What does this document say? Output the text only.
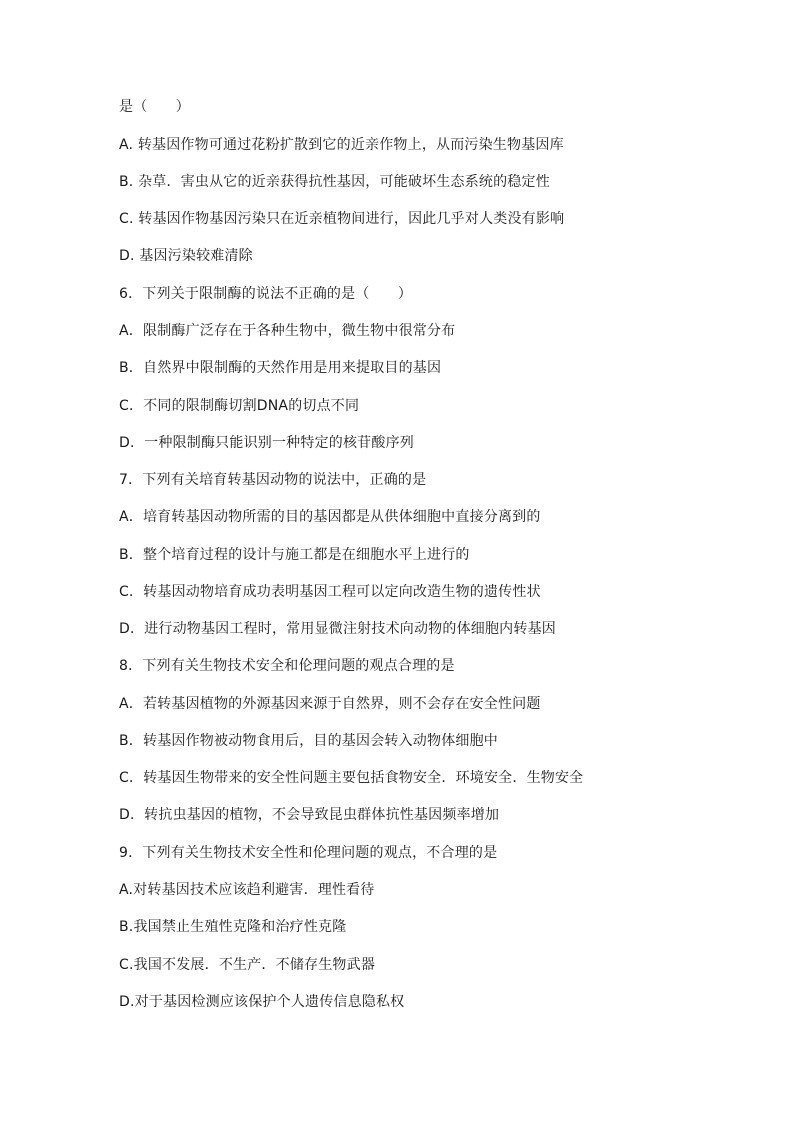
是（　　）
A. 转基因作物可通过花粉扩散到它的近亲作物上，从而污染生物基因库
B. 杂草．害虫从它的近亲获得抗性基因，可能破坏生态系统的稳定性
C. 转基因作物基因污染只在近亲植物间进行，因此几乎对人类没有影响
D. 基因污染较难清除
6．下列关于限制酶的说法不正确的是（　　）
A．限制酶广泛存在于各种生物中，微生物中很常分布
B．自然界中限制酶的天然作用是用来提取目的基因
C．不同的限制酶切割DNA的切点不同
D．一种限制酶只能识别一种特定的核苷酸序列
7．下列有关培育转基因动物的说法中，正确的是
A．培育转基因动物所需的目的基因都是从供体细胞中直接分离到的
B．整个培育过程的设计与施工都是在细胞水平上进行的
C．转基因动物培育成功表明基因工程可以定向改造生物的遗传性状
D．进行动物基因工程时，常用显微注射技术向动物的体细胞内转基因
8．下列有关生物技术安全和伦理问题的观点合理的是
A．若转基因植物的外源基因来源于自然界，则不会存在安全性问题
B．转基因作物被动物食用后，目的基因会转入动物体细胞中
C．转基因生物带来的安全性问题主要包括食物安全．环境安全．生物安全
D．转抗虫基因的植物，不会导致昆虫群体抗性基因频率增加
9．下列有关生物技术安全性和伦理问题的观点，不合理的是
A.对转基因技术应该趋利避害．理性看待
B.我国禁止生殖性克隆和治疗性克隆
C.我国不发展．不生产．不储存生物武器
D.对于基因检测应该保护个人遗传信息隐私权
